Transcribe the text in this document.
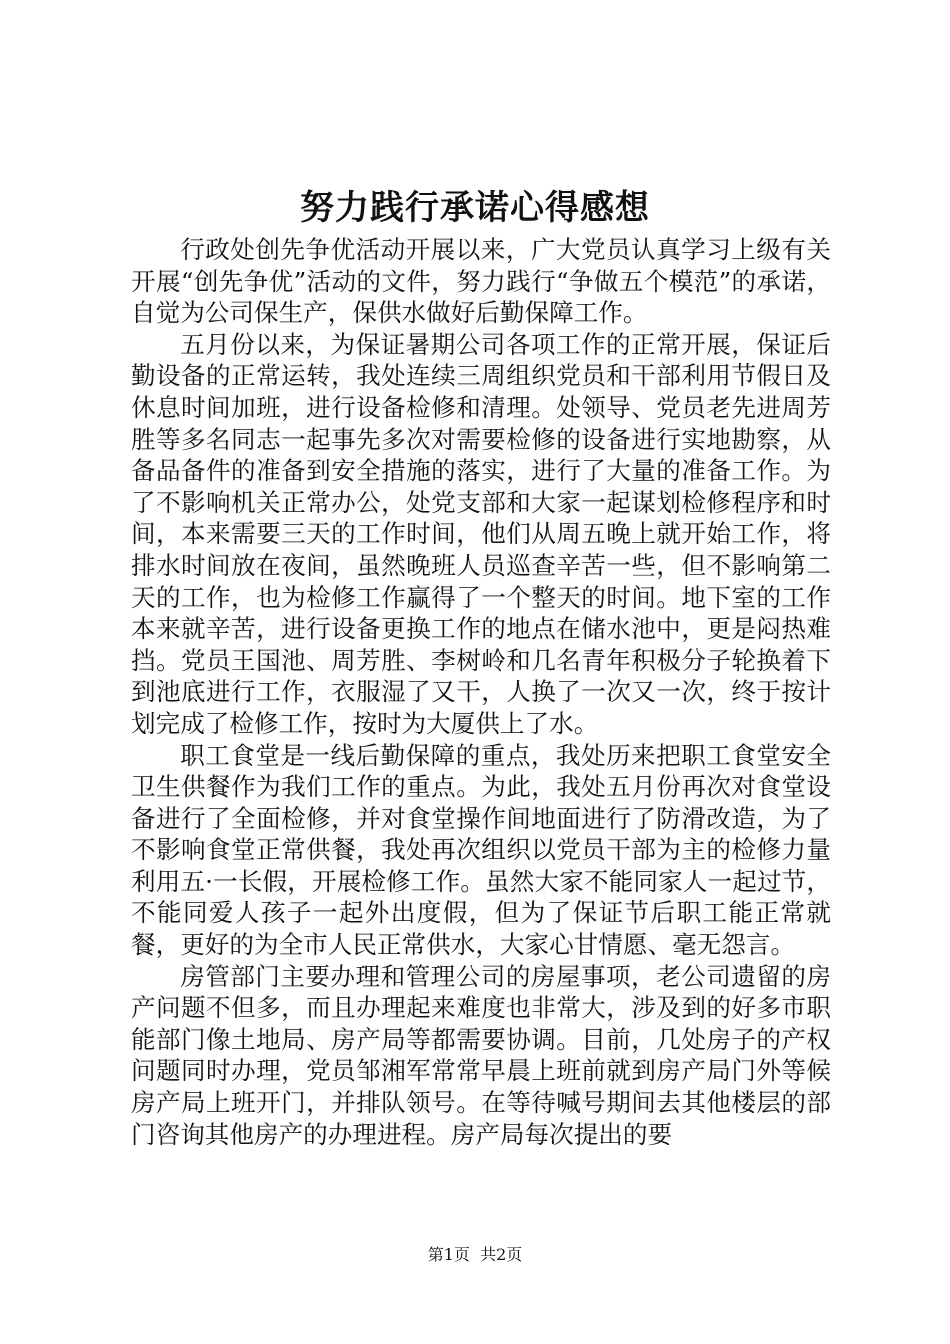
努力践行承诺心得感想

行政处创先争优活动开展以来，广大党员认真学习上级有关开展“创先争优”活动的文件，努力践行“争做五个模范”的承诺，自觉为公司保生产，保供水做好后勤保障工作。

五月份以来，为保证暑期公司各项工作的正常开展，保证后勤设备的正常运转，我处连续三周组织党员和干部利用节假日及休息时间加班，进行设备检修和清理。处领导、党员老先进周芳胜等多名同志一起事先多次对需要检修的设备进行实地勘察，从备品备件的准备到安全措施的落实，进行了大量的准备工作。为了不影响机关正常办公，处党支部和大家一起谋划检修程序和时间，本来需要三天的工作时间，他们从周五晚上就开始工作，将排水时间放在夜间，虽然晚班人员巡查辛苦一些，但不影响第二天的工作，也为检修工作赢得了一个整天的时间。地下室的工作本来就辛苦，进行设备更换工作的地点在储水池中，更是闷热难挡。党员王国池、周芳胜、李树岭和几名青年积极分子轮换着下到池底进行工作，衣服湿了又干，人换了一次又一次，终于按计划完成了检修工作，按时为大厦供上了水。

职工食堂是一线后勤保障的重点，我处历来把职工食堂安全卫生供餐作为我们工作的重点。为此，我处五月份再次对食堂设备进行了全面检修，并对食堂操作间地面进行了防滑改造，为了不影响食堂正常供餐，我处再次组织以党员干部为主的检修力量利用五·一长假，开展检修工作。虽然大家不能同家人一起过节，不能同爱人孩子一起外出度假，但为了保证节后职工能正常就餐，更好的为全市人民正常供水，大家心甘情愿、毫无怨言。

房管部门主要办理和管理公司的房屋事项，老公司遗留的房产问题不但多，而且办理起来难度也非常大，涉及到的好多市职能部门像土地局、房产局等都需要协调。目前，几处房子的产权问题同时办理，党员邹湘军常常早晨上班前就到房产局门外等候房产局上班开门，并排队领号。在等待喊号期间去其他楼层的部门咨询其他房产的办理进程。房产局每次提出的要

第1页 共2页
